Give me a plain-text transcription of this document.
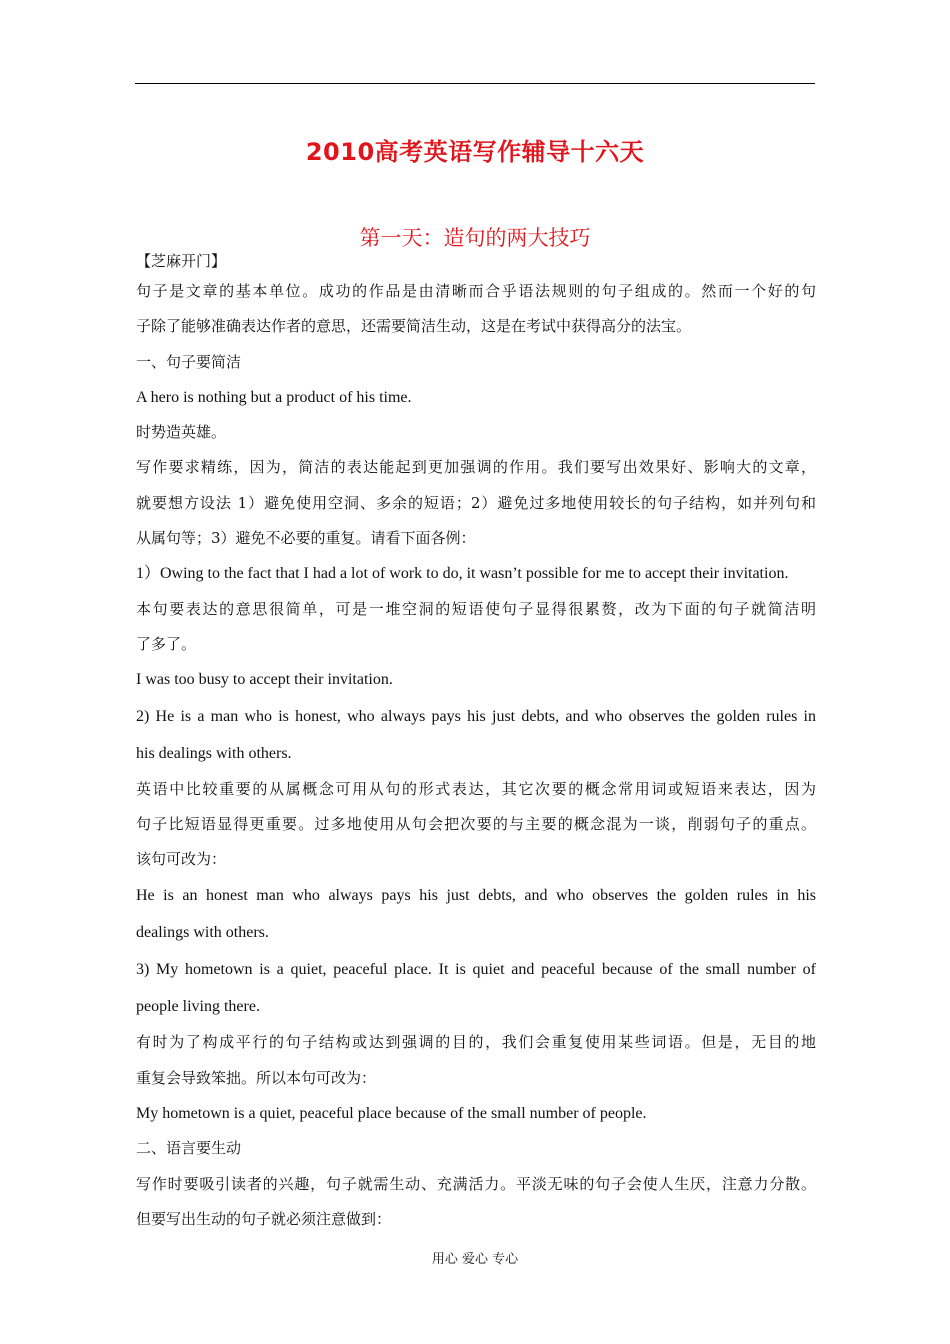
2010高考英语写作辅导十六天
第一天：造句的两大技巧
【芝麻开门】
句子是文章的基本单位。成功的作品是由清晰而合乎语法规则的句子组成的。然而一个好的句
子除了能够准确表达作者的意思，还需要简洁生动，这是在考试中获得高分的法宝。
一、句子要简洁
A hero is nothing but a product of his time.
时势造英雄。
写作要求精练，因为，简洁的表达能起到更加强调的作用。我们要写出效果好、影响大的文章，
就要想方设法 1）避免使用空洞、多余的短语；2）避免过多地使用较长的句子结构，如并列句和
从属句等；3）避免不必要的重复。请看下面各例：
1）Owing to the fact that I had a lot of work to do, it wasn’t possible for me to accept their invitation.
本句要表达的意思很简单，可是一堆空洞的短语使句子显得很累赘，改为下面的句子就简洁明
了多了。
I was too busy to accept their invitation.
2) He is a man who is honest, who always pays his just debts, and who observes the golden rules in
his dealings with others.
英语中比较重要的从属概念可用从句的形式表达，其它次要的概念常用词或短语来表达，因为
句子比短语显得更重要。过多地使用从句会把次要的与主要的概念混为一谈，削弱句子的重点。
该句可改为：
He is an honest man who always pays his just debts, and who observes the golden rules in his
dealings with others.
3) My hometown is a quiet, peaceful place. It is quiet and peaceful because of the small number of
people living there.
有时为了构成平行的句子结构或达到强调的目的，我们会重复使用某些词语。但是，无目的地
重复会导致笨拙。所以本句可改为：
My hometown is a quiet, peaceful place because of the small number of people.
二、语言要生动
写作时要吸引读者的兴趣，句子就需生动、充满活力。平淡无味的句子会使人生厌，注意力分散。
但要写出生动的句子就必须注意做到：
用心 爱心 专心
